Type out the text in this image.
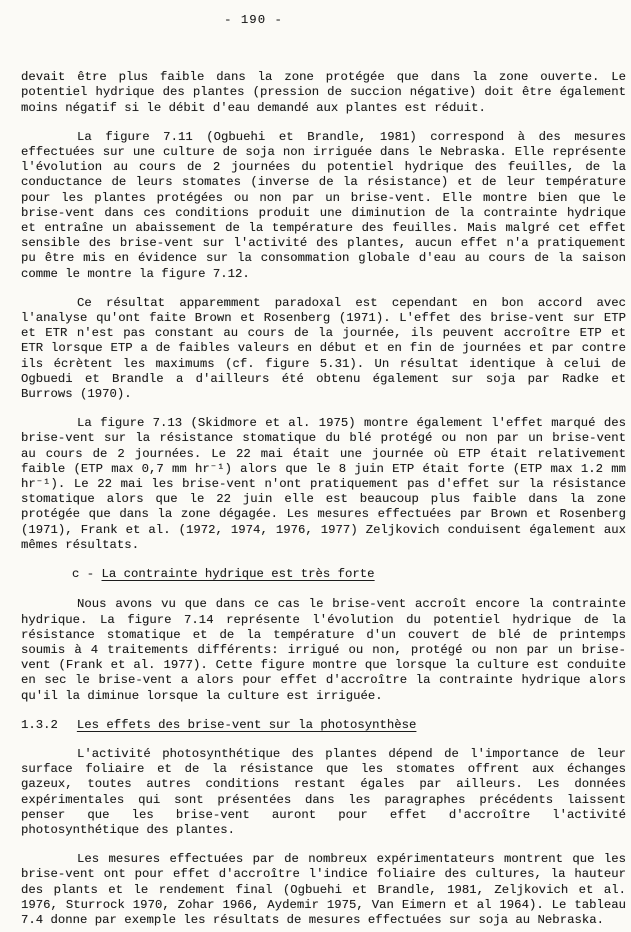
- 190 -

devait être plus faible dans la zone protégée que dans la zone ouverte. Le potentiel hydrique des plantes (pression de succion négative) doit être également moins négatif si le débit d'eau demandé aux plantes est réduit.

La figure 7.11 (Ogbuehi et Brandle, 1981) correspond à des mesures effectuées sur une culture de soja non irriguée dans le Nebraska. Elle représente l'évolution au cours de 2 journées du potentiel hydrique des feuilles, de la conductance de leurs stomates (inverse de la résistance) et de leur température pour les plantes protégées ou non par un brise-vent. Elle montre bien que le brise-vent dans ces conditions produit une diminution de la contrainte hydrique et entraîne un abaissement de la température des feuilles. Mais malgré cet effet sensible des brise-vent sur l'activité des plantes, aucun effet n'a pratiquement pu être mis en évidence sur la consommation globale d'eau au cours de la saison comme le montre la figure 7.12.

Ce résultat apparemment paradoxal est cependant en bon accord avec l'analyse qu'ont faite Brown et Rosenberg (1971). L'effet des brise-vent sur ETP et ETR n'est pas constant au cours de la journée, ils peuvent accroître ETP et ETR lorsque ETP a de faibles valeurs en début et en fin de journées et par contre ils écrètent les maximums (cf. figure 5.31). Un résultat identique à celui de Ogbuedi et Brandle a d'ailleurs été obtenu également sur soja par Radke et Burrows (1970).

La figure 7.13 (Skidmore et al. 1975) montre également l'effet marqué des brise-vent sur la résistance stomatique du blé protégé ou non par un brise-vent au cours de 2 journées. Le 22 mai était une journée où ETP était relativement faible (ETP max 0,7 mm hr⁻¹) alors que le 8 juin ETP était forte (ETP max 1.2 mm hr⁻¹). Le 22 mai les brise-vent n'ont pratiquement pas d'effet sur la résistance stomatique alors que le 22 juin elle est beaucoup plus faible dans la zone protégée que dans la zone dégagée. Les mesures effectuées par Brown et Rosenberg (1971), Frank et al. (1972, 1974, 1976, 1977) Zeljkovich conduisent également aux mêmes résultats.

c - La contrainte hydrique est très forte

Nous avons vu que dans ce cas le brise-vent accroît encore la contrainte hydrique. La figure 7.14 représente l'évolution du potentiel hydrique de la résistance stomatique et de la température d'un couvert de blé de printemps soumis à 4 traitements différents: irrigué ou non, protégé ou non par un brise-vent (Frank et al. 1977). Cette figure montre que lorsque la culture est conduite en sec le brise-vent a alors pour effet d'accroître la contrainte hydrique alors qu'il la diminue lorsque la culture est irriguée.

1.3.2 Les effets des brise-vent sur la photosynthèse

L'activité photosynthétique des plantes dépend de l'importance de leur surface foliaire et de la résistance que les stomates offrent aux échanges gazeux, toutes autres conditions restant égales par ailleurs. Les données expérimentales qui sont présentées dans les paragraphes précédents laissent penser que les brise-vent auront pour effet d'accroître l'activité photosynthétique des plantes.

Les mesures effectuées par de nombreux expérimentateurs montrent que les brise-vent ont pour effet d'accroître l'indice foliaire des cultures, la hauteur des plants et le rendement final (Ogbuehi et Brandle, 1981, Zeljkovich et al. 1976, Sturrock 1970, Zohar 1966, Aydemir 1975, Van Eimern et al 1964). Le tableau 7.4 donne par exemple les résultats de mesures effectuées sur soja au Nebraska.
